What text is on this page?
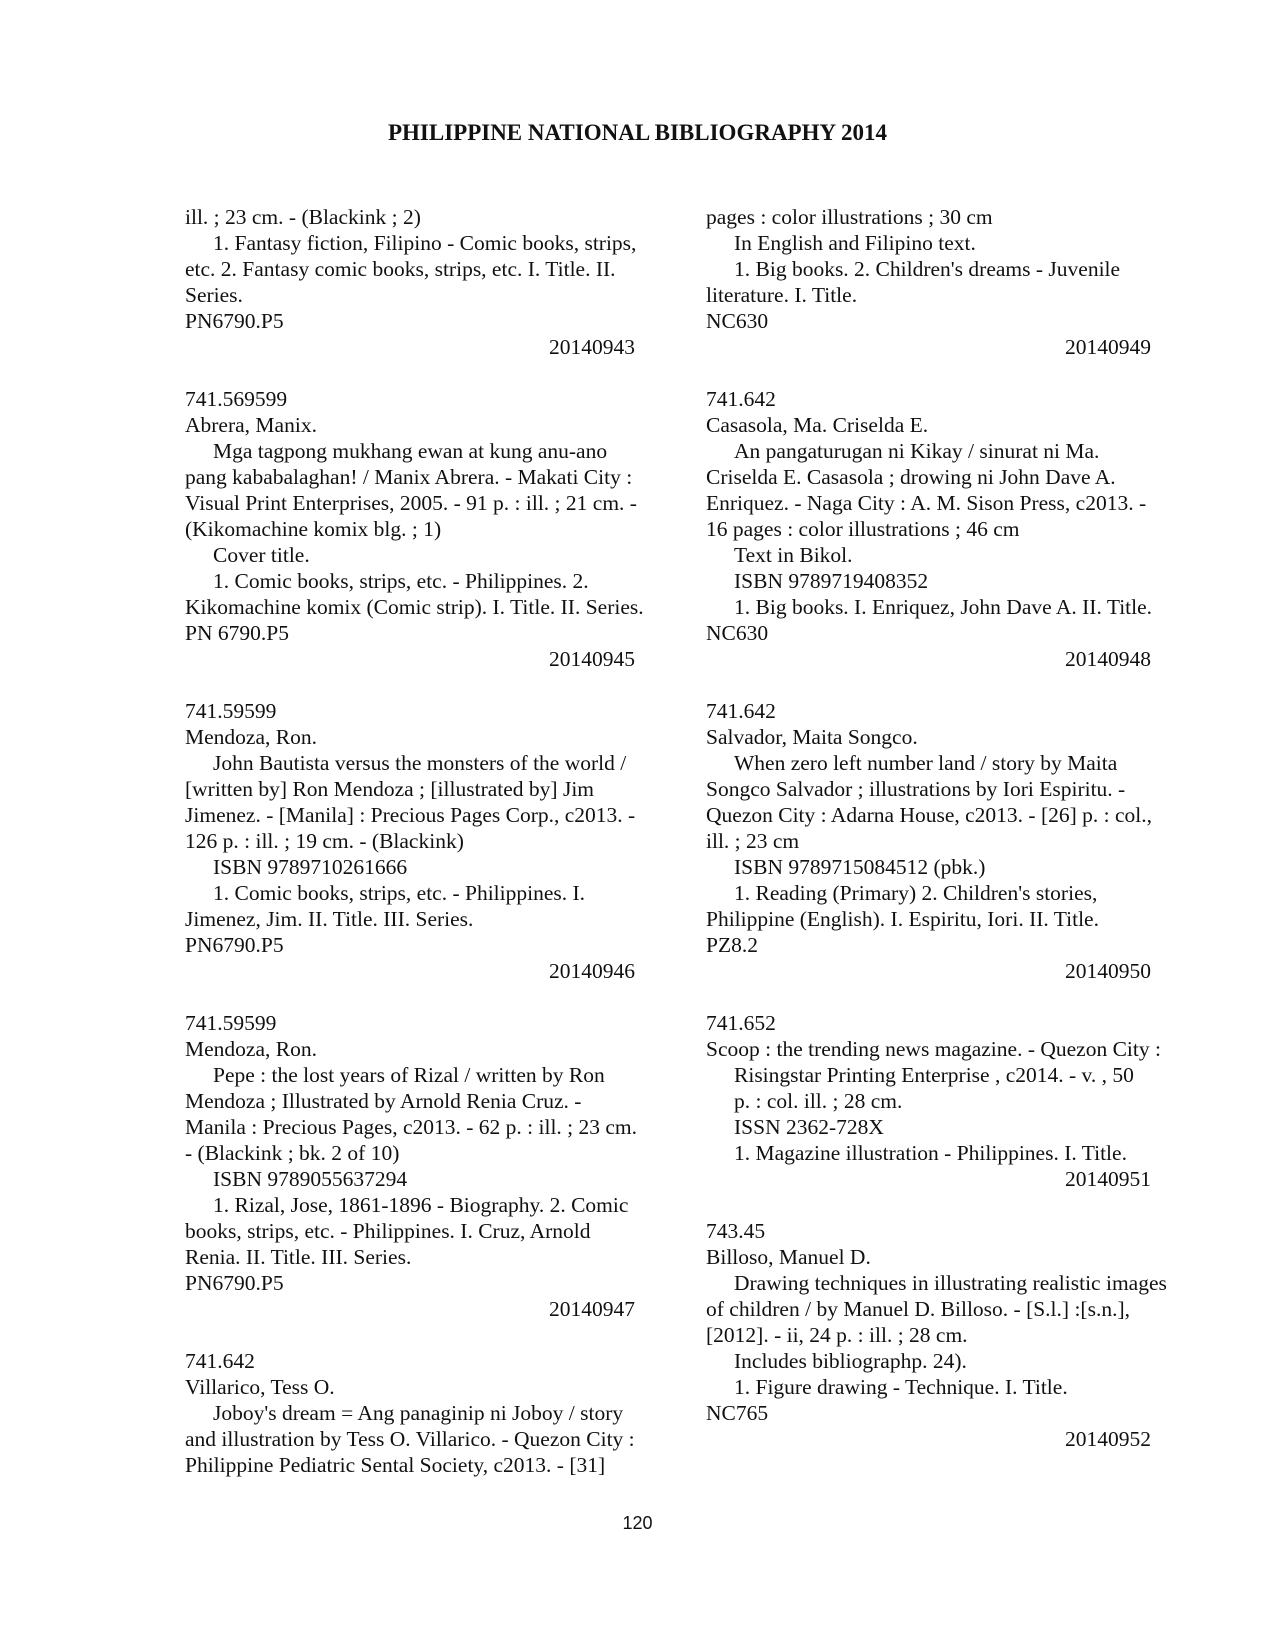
PHILIPPINE NATIONAL BIBLIOGRAPHY 2014
ill. ; 23 cm. - (Blackink ; 2)
1. Fantasy fiction, Filipino - Comic books, strips,
etc. 2. Fantasy comic books, strips, etc. I. Title. II.
Series.
PN6790.P5
20140943
741.569599
Abrera, Manix.
Mga tagpong mukhang ewan at kung anu-ano
pang kababalaghan! / Manix Abrera. - Makati City :
Visual Print Enterprises, 2005. - 91 p. : ill. ; 21 cm. -
(Kikomachine komix blg. ; 1)
Cover title.
1. Comic books, strips, etc. - Philippines. 2.
Kikomachine komix (Comic strip). I. Title. II. Series.
PN 6790.P5
20140945
741.59599
Mendoza, Ron.
John Bautista versus the monsters of the world /
[written by] Ron Mendoza ; [illustrated by] Jim
Jimenez. - [Manila] : Precious Pages Corp., c2013. -
126 p. : ill. ; 19 cm. - (Blackink)
ISBN 9789710261666
1. Comic books, strips, etc. - Philippines. I.
Jimenez, Jim. II. Title. III. Series.
PN6790.P5
20140946
741.59599
Mendoza, Ron.
Pepe : the lost years of Rizal / written by Ron
Mendoza ; Illustrated by Arnold Renia Cruz. -
Manila : Precious Pages, c2013. - 62 p. : ill. ; 23 cm.
- (Blackink ; bk. 2 of 10)
ISBN 9789055637294
1. Rizal, Jose, 1861-1896 - Biography. 2. Comic
books, strips, etc. - Philippines. I. Cruz, Arnold
Renia. II. Title. III. Series.
PN6790.P5
20140947
741.642
Villarico, Tess O.
Joboy's dream = Ang panaginip ni Joboy / story
and illustration by Tess O. Villarico. - Quezon City :
Philippine Pediatric Sental Society, c2013. - [31]
pages : color illustrations ; 30 cm
In English and Filipino text.
1. Big books. 2. Children's dreams - Juvenile
literature. I. Title.
NC630
20140949
741.642
Casasola, Ma. Criselda E.
An pangaturugan ni Kikay / sinurat ni Ma.
Criselda E. Casasola ; drowing ni John Dave A.
Enriquez. - Naga City : A. M. Sison Press, c2013. -
16 pages : color illustrations ; 46 cm
Text in Bikol.
ISBN 9789719408352
1. Big books. I. Enriquez, John Dave A. II. Title.
NC630
20140948
741.642
Salvador, Maita Songco.
When zero left number land / story by Maita
Songco Salvador ; illustrations by Iori Espiritu. -
Quezon City : Adarna House, c2013. - [26] p. : col.,
ill. ; 23 cm
ISBN 9789715084512 (pbk.)
1. Reading (Primary) 2. Children's stories,
Philippine (English). I. Espiritu, Iori. II. Title.
PZ8.2
20140950
741.652
Scoop : the trending news magazine. - Quezon City :
Risingstar Printing Enterprise , c2014. - v. , 50
p. : col. ill. ; 28 cm.
ISSN 2362-728X
1. Magazine illustration - Philippines. I. Title.
20140951
743.45
Billoso, Manuel D.
Drawing techniques in illustrating realistic images
of children / by Manuel D. Billoso. - [S.l.] :[s.n.],
[2012]. - ii, 24 p. : ill. ; 28 cm.
Includes bibliographp. 24).
1. Figure drawing - Technique. I. Title.
NC765
20140952
120
